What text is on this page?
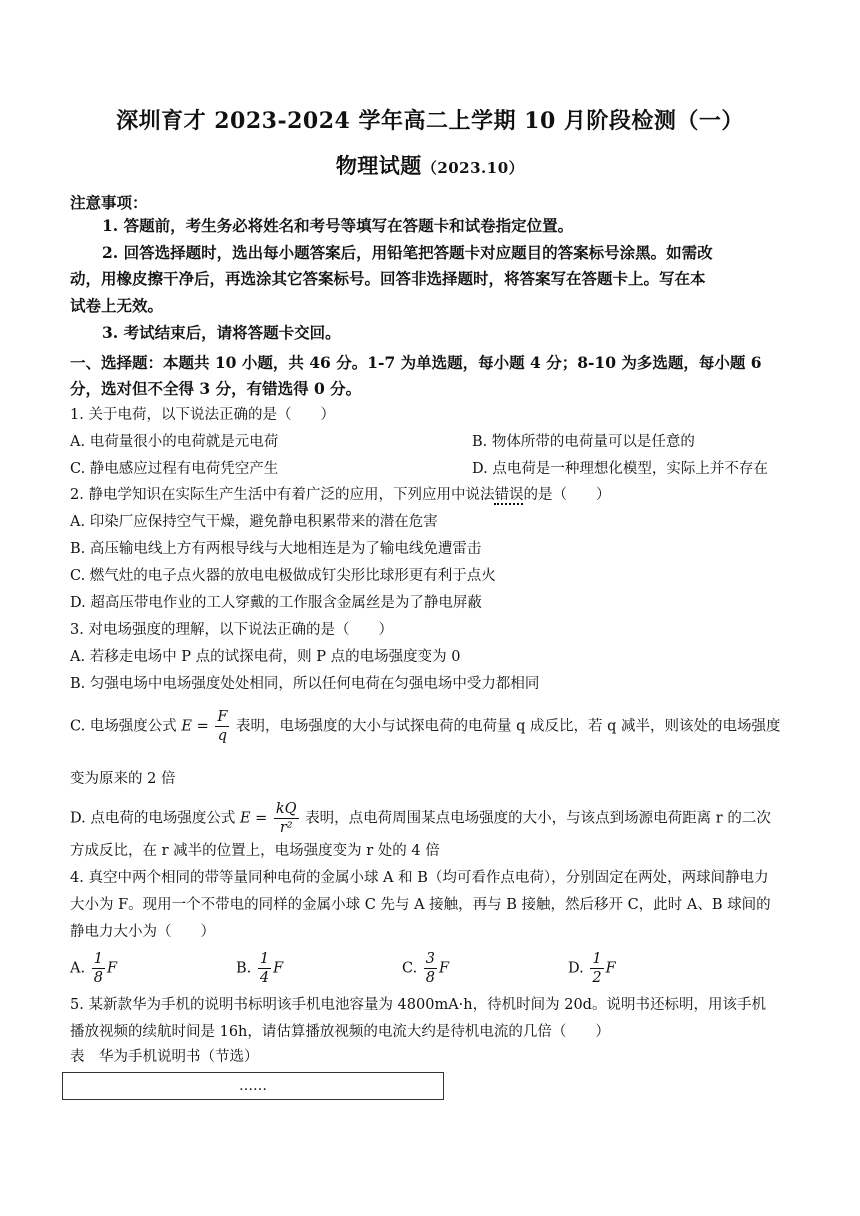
深圳育才 2023-2024 学年高二上学期 10 月阶段检测（一）
物理试题（2023.10）
注意事项：
1. 答题前，考生务必将姓名和考号等填写在答题卡和试卷指定位置。
2. 回答选择题时，选出每小题答案后，用铅笔把答题卡对应题目的答案标号涂黑。如需改
动，用橡皮擦干净后，再选涂其它答案标号。回答非选择题时，将答案写在答题卡上。写在本
试卷上无效。
3. 考试结束后，请将答题卡交回。
一、选择题：本题共 10 小题，共 46 分。1-7 为单选题，每小题 4 分；8-10 为多选题，每小题 6
分，选对但不全得 3 分，有错选得 0 分。
1. 关于电荷，以下说法正确的是（　　）
A. 电荷量很小的电荷就是元电荷	B. 物体所带的电荷量可以是任意的
C. 静电感应过程有电荷凭空产生	D. 点电荷是一种理想化模型，实际上并不存在
2. 静电学知识在实际生产生活中有着广泛的应用，下列应用中说法错误的是（　　）
A. 印染厂应保持空气干燥，避免静电积累带来的潜在危害
B. 高压输电线上方有两根导线与大地相连是为了输电线免遭雷击
C. 燃气灶的电子点火器的放电电极做成钉尖形比球形更有利于点火
D. 超高压带电作业的工人穿戴的工作服含金属丝是为了静电屏蔽
3. 对电场强度的理解，以下说法正确的是（　　）
A. 若移走电场中 P 点的试探电荷，则 P 点的电场强度变为 0
B. 匀强电场中电场强度处处相同，所以任何电荷在匀强电场中受力都相同
C. 电场强度公式 $E = \frac{F}{q}$ 表明，电场强度的大小与试探电荷的电荷量 q 成反比，若 q 减半，则该处的电场强度
变为原来的 2 倍
D. 点电荷的电场强度公式 $E = \frac{kQ}{\text{r²}}$ 表明，点电荷周围某点电场强度的大小，与该点到场源电荷距离 r 的二次
方成反比，在 r 减半的位置上，电场强度变为 r 处的 4 倍
4. 真空中两个相同的带等量同种电荷的金属小球 A 和 B（均可看作点电荷），分别固定在两处，两球间静电力
大小为 F。现用一个不带电的同样的金属小球 C 先与 A 接触，再与 B 接触，然后移开 C，此时 A、B 球间的
静电力大小为（　　）
A. $\frac{1}{8}$ F	B. $\frac{1}{4}$ F	C. $\frac{3}{8}$ F	D. $\frac{1}{2}$ F
5. 某新款华为手机的说明书标明该手机电池容量为 4800mA·h，待机时间为 20d。说明书还标明，用该手机
播放视频的续航时间是 16h，请估算播放视频的电流大约是待机电流的几倍（　　）
表　华为手机说明书（节选）
……
